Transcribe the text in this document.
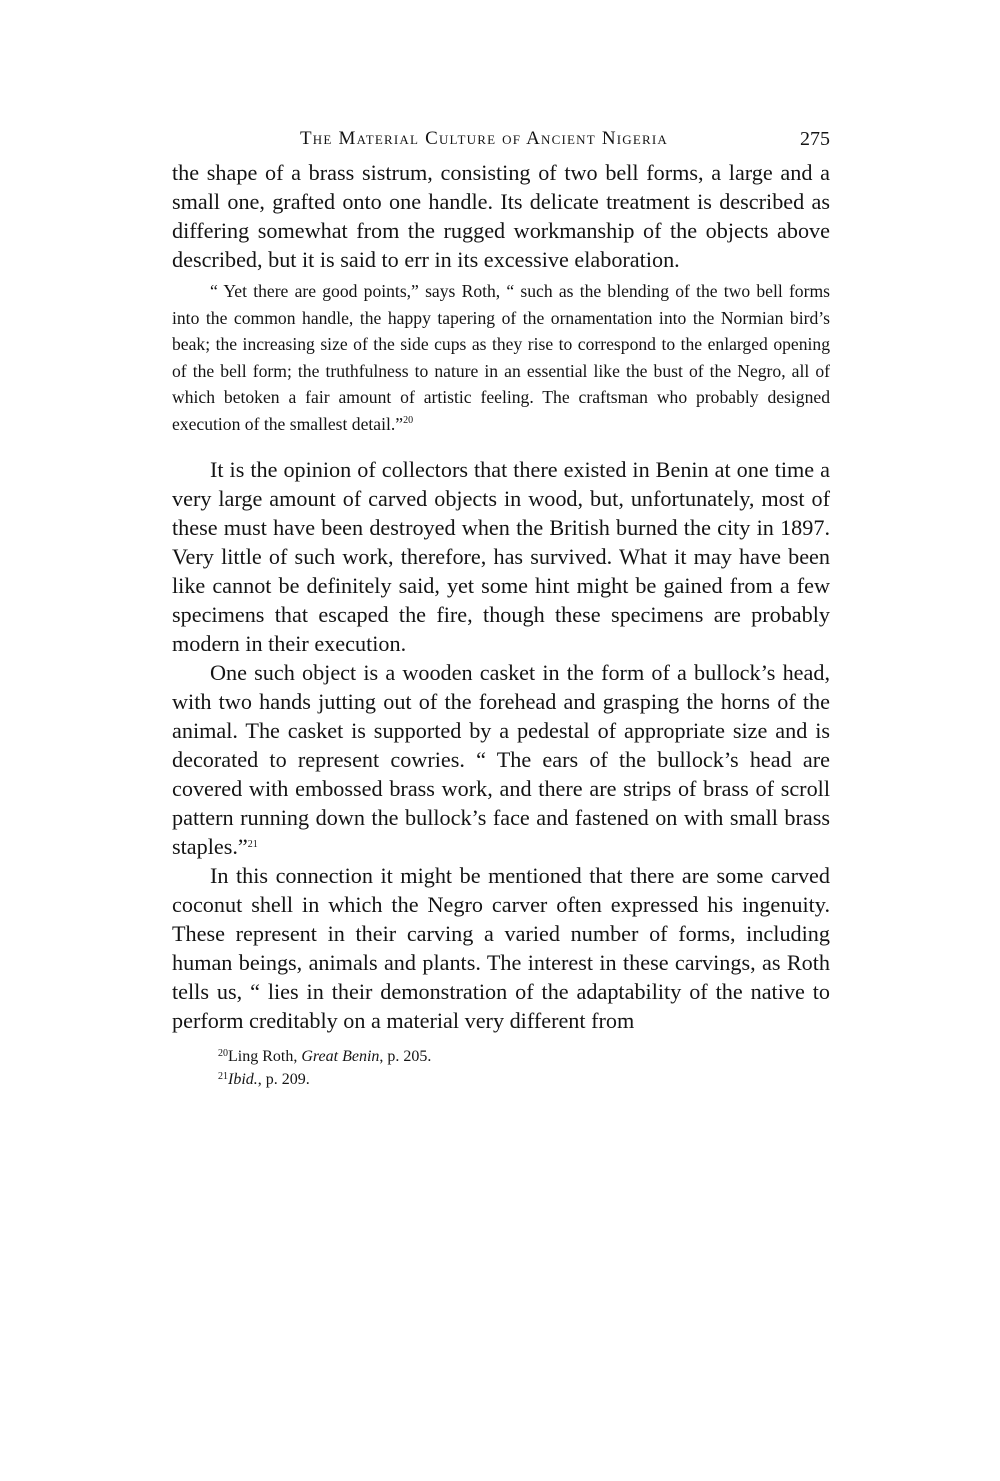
The Material Culture of Ancient Nigeria	275

the shape of a brass sistrum, consisting of two bell forms, a large and a small one, grafted onto one handle. Its delicate treatment is described as differing somewhat from the rugged workmanship of the objects above described, but it is said to err in its excessive elaboration.

“ Yet there are good points,” says Roth, “ such as the blending of the two bell forms into the common handle, the happy tapering of the ornamentation into the Normian bird’s beak; the increasing size of the side cups as they rise to correspond to the enlarged opening of the bell form; the truthfulness to nature in an essential like the bust of the Negro, all of which betoken a fair amount of artistic feeling. The craftsman who probably designed execution of the smallest detail.”$^{20}$

It is the opinion of collectors that there existed in Benin at one time a very large amount of carved objects in wood, but, unfortunately, most of these must have been destroyed when the British burned the city in 1897. Very little of such work, therefore, has survived. What it may have been like cannot be definitely said, yet some hint might be gained from a few specimens that escaped the fire, though these specimens are probably modern in their execution.

One such object is a wooden casket in the form of a bullock’s head, with two hands jutting out of the forehead and grasping the horns of the animal. The casket is supported by a pedestal of appropriate size and is decorated to represent cowries. “ The ears of the bullock’s head are covered with embossed brass work, and there are strips of brass of scroll pattern running down the bullock’s face and fastened on with small brass staples.”$^{21}$

In this connection it might be mentioned that there are some carved coconut shell in which the Negro carver often expressed his ingenuity. These represent in their carving a varied number of forms, including human beings, animals and plants. The interest in these carvings, as Roth tells us, “ lies in their demonstration of the adaptability of the native to perform creditably on a material very different from

$^{20}$Ling Roth, Great Benin, p. 205.
$^{21}$Ibid., p. 209.
